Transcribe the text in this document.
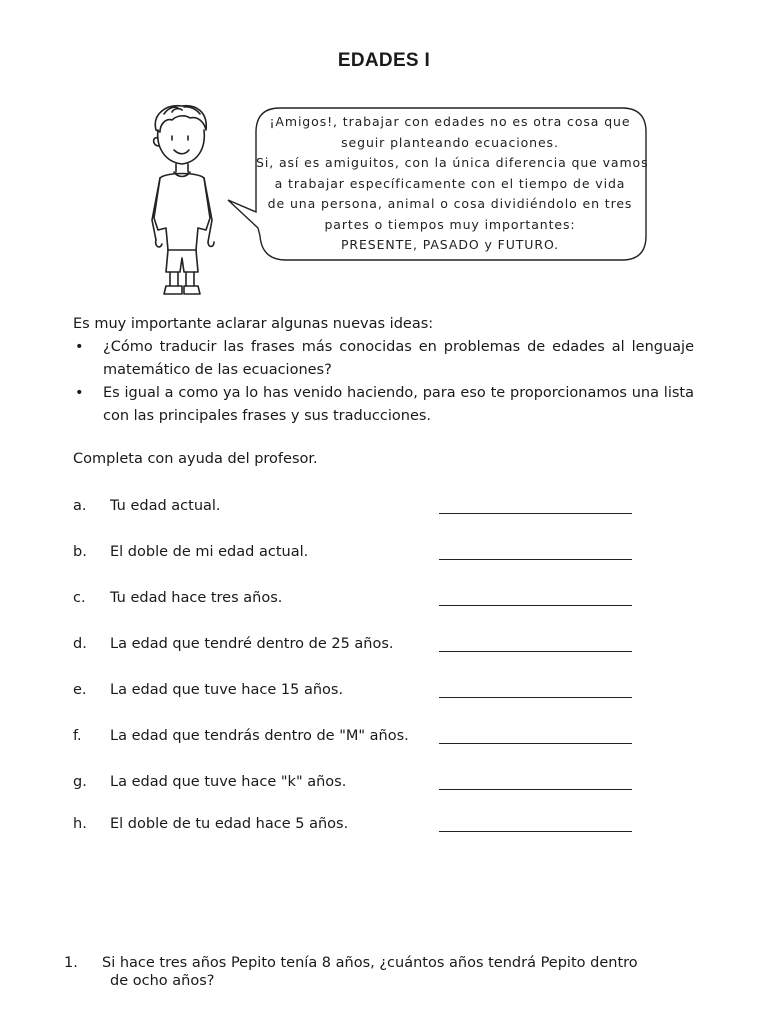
EDADES I
¡Amigos!, trabajar con edades no es otra cosa que
seguir planteando ecuaciones.
Si, así es amiguitos, con la única diferencia que vamos
a trabajar específicamente con el tiempo de vida
de una persona, animal o cosa dividiéndolo en tres
partes o tiempos muy importantes:
PRESENTE, PASADO y FUTURO.
Es muy importante aclarar algunas nuevas ideas:
• ¿Cómo traducir las frases más conocidas en problemas de edades al lenguaje matemático de las ecuaciones?
• Es igual a como ya lo has venido haciendo, para eso te proporcionamos una lista con las principales frases y sus traducciones.
Completa con ayuda del profesor.
a. Tu edad actual.
b. El doble de mi edad actual.
c. Tu edad hace tres años.
d. La edad que tendré dentro de 25 años.
e. La edad que tuve hace 15 años.
f. La edad que tendrás dentro de "M" años.
g. La edad que tuve hace "k" años.
h. El doble de tu edad hace 5 años.
1. Si hace tres años Pepito tenía 8 años, ¿cuántos años tendrá Pepito dentro
de ocho años?
